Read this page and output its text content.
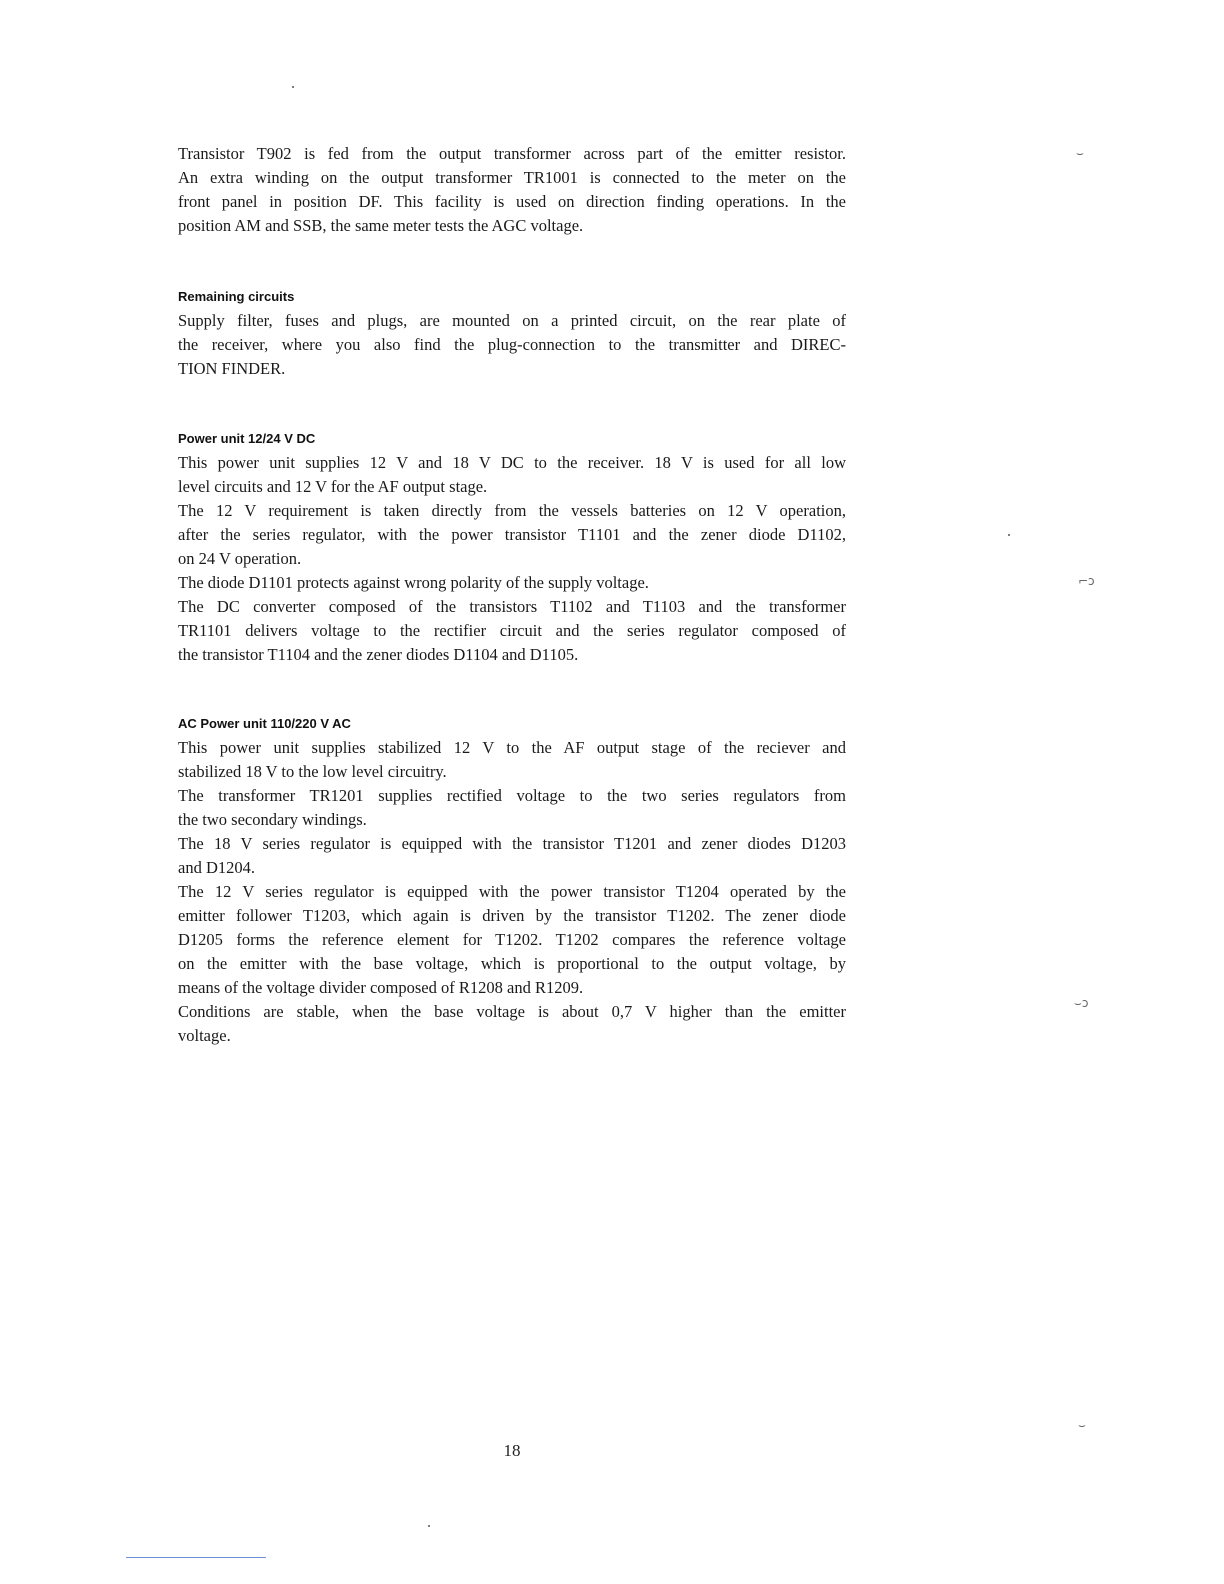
⌣
⌐ͻ
⌣ͻ
⌣
Transistor T902 is fed from the output transformer across part of the emitter resistor.
An extra winding on the output transformer TR1001 is connected to the meter on the
front panel in position DF. This facility is used on direction finding operations. In the
position AM and SSB, the same meter tests the AGC voltage.
Remaining circuits
Supply filter, fuses and plugs, are mounted on a printed circuit, on the rear plate of
the receiver, where you also find the plug-connection to the transmitter and DIREC-
TION FINDER.
Power unit 12/24 V DC
This power unit supplies 12 V and 18 V DC to the receiver. 18 V is used for all low
level circuits and 12 V for the AF output stage.
The 12 V requirement is taken directly from the vessels batteries on 12 V operation,
after the series regulator, with the power transistor T1101 and the zener diode D1102,
on 24 V operation.
The diode D1101 protects against wrong polarity of the supply voltage.
The DC converter composed of the transistors T1102 and T1103 and the transformer
TR1101 delivers voltage to the rectifier circuit and the series regulator composed of
the transistor T1104 and the zener diodes D1104 and D1105.
AC Power unit 110/220 V AC
This power unit supplies stabilized 12 V to the AF output stage of the reciever and
stabilized 18 V to the low level circuitry.
The transformer TR1201 supplies rectified voltage to the two series regulators from
the two secondary windings.
The 18 V series regulator is equipped with the transistor T1201 and zener diodes D1203
and D1204.
The 12 V series regulator is equipped with the power transistor T1204 operated by the
emitter follower T1203, which again is driven by the transistor T1202. The zener diode
D1205 forms the reference element for T1202. T1202 compares the reference voltage
on the emitter with the base voltage, which is proportional to the output voltage, by
means of the voltage divider composed of R1208 and R1209.
Conditions are stable, when the base voltage is about 0,7 V higher than the emitter
voltage.
18
